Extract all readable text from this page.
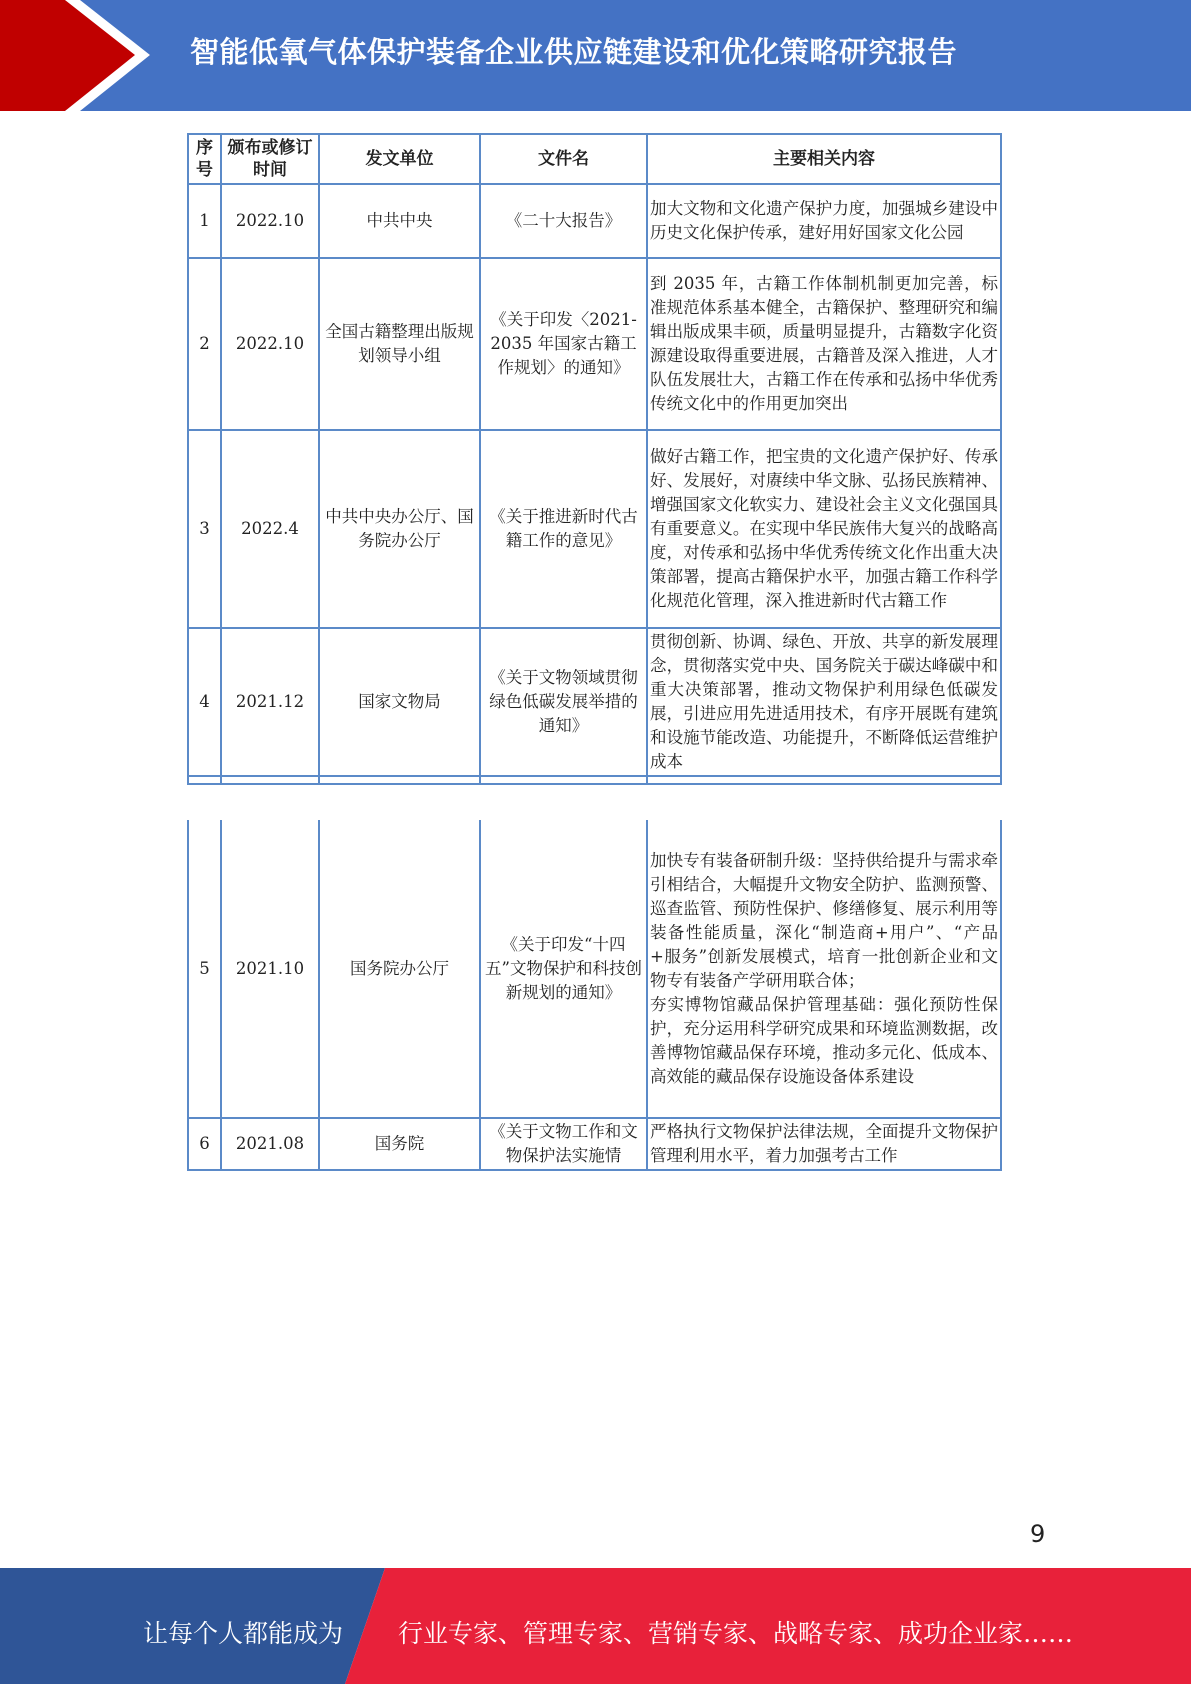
智能低氧气体保护装备企业供应链建设和优化策略研究报告
序号	颁布或修订时间	发文单位	文件名	主要相关内容
1	2022.10	中共中央	《二十大报告》	加大文物和文化遗产保护力度，加强城乡建设中历史文化保护传承，建好用好国家文化公园
2	2022.10	全国古籍整理出版规划领导小组	《关于印发〈2021-2035 年国家古籍工作规划〉的通知》	到 2035 年，古籍工作体制机制更加完善，标准规范体系基本健全，古籍保护、整理研究和编辑出版成果丰硕，质量明显提升，古籍数字化资源建设取得重要进展，古籍普及深入推进，人才队伍发展壮大，古籍工作在传承和弘扬中华优秀传统文化中的作用更加突出
3	2022.4	中共中央办公厅、国务院办公厅	《关于推进新时代古籍工作的意见》	做好古籍工作，把宝贵的文化遗产保护好、传承好、发展好，对赓续中华文脉、弘扬民族精神、增强国家文化软实力、建设社会主义文化强国具有重要意义。在实现中华民族伟大复兴的战略高度，对传承和弘扬中华优秀传统文化作出重大决策部署，提高古籍保护水平，加强古籍工作科学化规范化管理，深入推进新时代古籍工作
4	2021.12	国家文物局	《关于文物领域贯彻绿色低碳发展举措的通知》	贯彻创新、协调、绿色、开放、共享的新发展理念，贯彻落实党中央、国务院关于碳达峰碳中和重大决策部署，推动文物保护利用绿色低碳发展，引进应用先进适用技术，有序开展既有建筑和设施节能改造、功能提升，不断降低运营维护成本

5	2021.10	国务院办公厅	《关于印发“十四五”文物保护和科技创新规划的通知》	加快专有装备研制升级：坚持供给提升与需求牵引相结合，大幅提升文物安全防护、监测预警、巡查监管、预防性保护、修缮修复、展示利用等装备性能质量，深化“制造商+用户”、“产品+服务”创新发展模式，培育一批创新企业和文物专有装备产学研用联合体；
夯实博物馆藏品保护管理基础：强化预防性保护，充分运用科学研究成果和环境监测数据，改善博物馆藏品保存环境，推动多元化、低成本、高效能的藏品保存设施设备体系建设

6	2021.08	国务院	《关于文物工作和文物保护法实施情	严格执行文物保护法律法规，全面提升文物保护管理利用水平，着力加强考古工作
9
让每个人都能成为 行业专家、管理专家、营销专家、战略专家、成功企业家……
